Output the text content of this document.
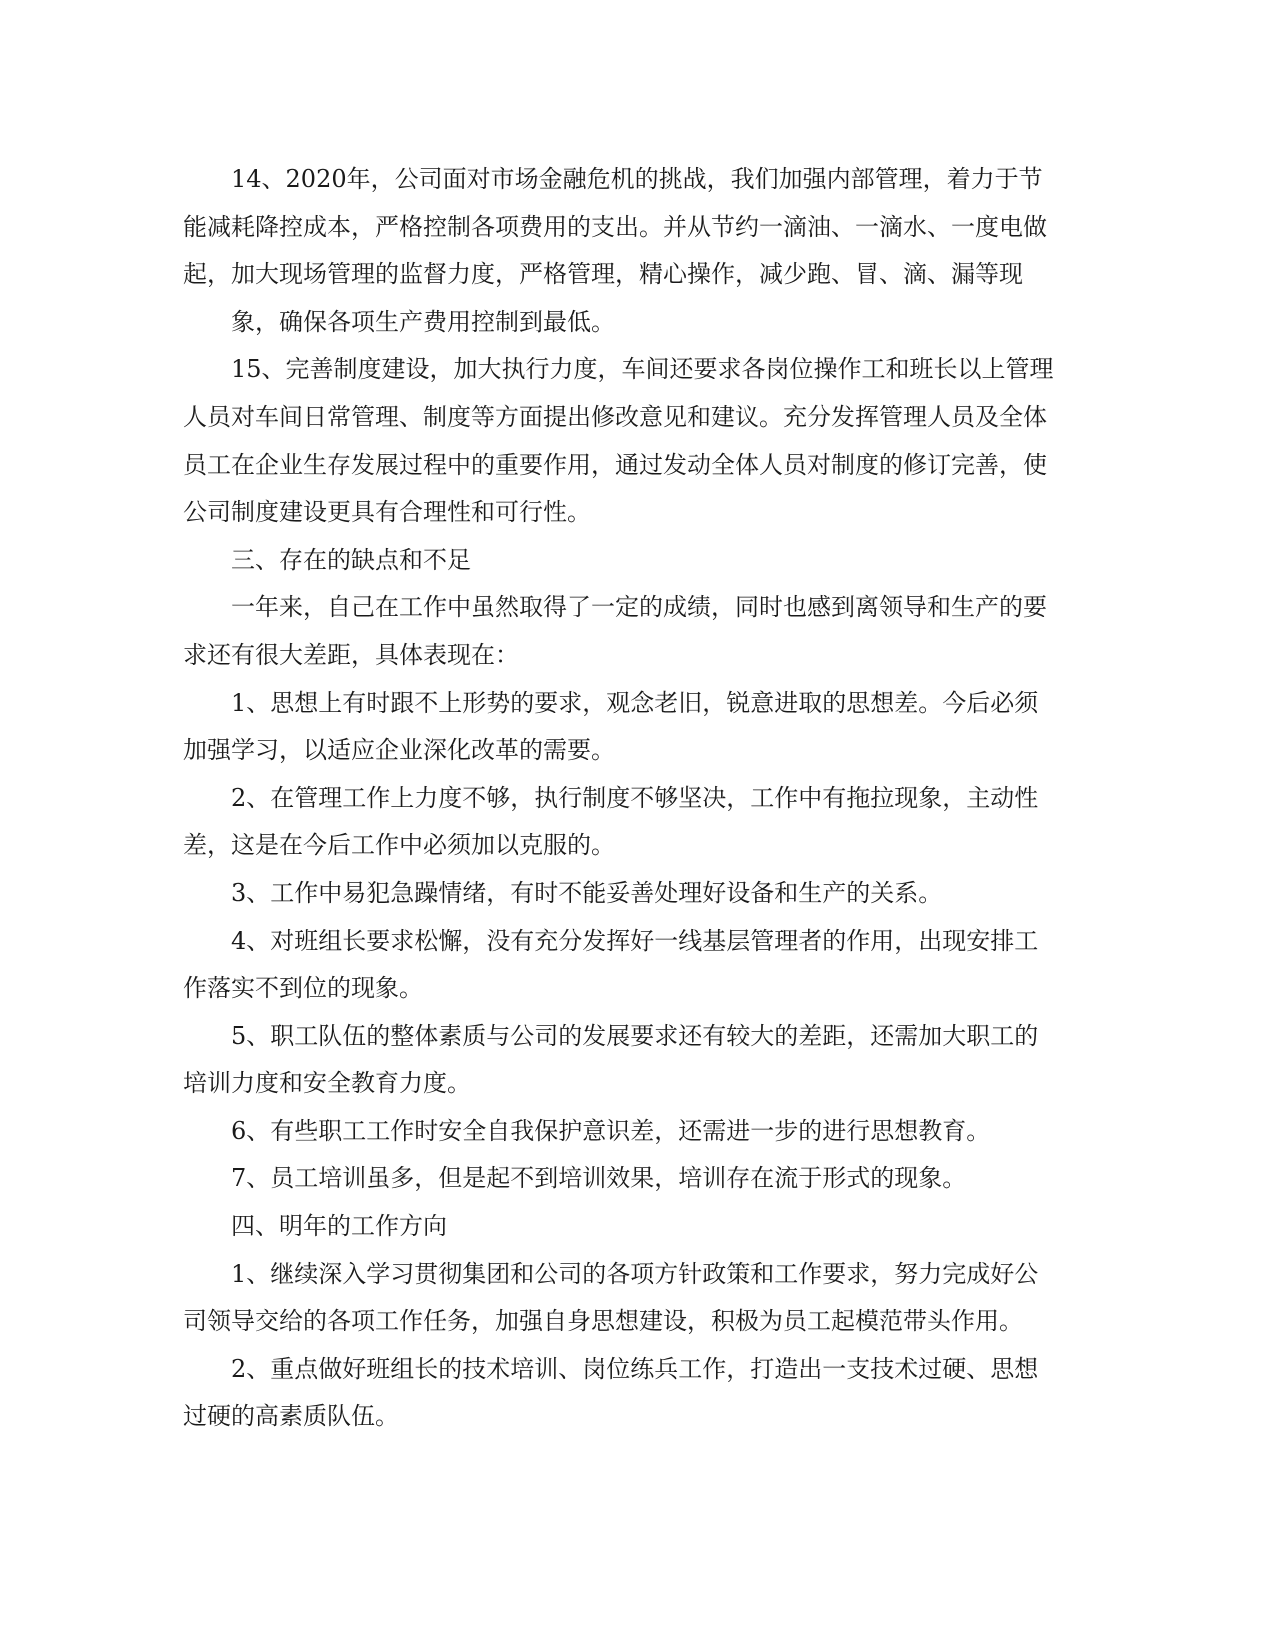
14、2020年，公司面对市场金融危机的挑战，我们加强内部管理，着力于节
能减耗降控成本，严格控制各项费用的支出。并从节约一滴油、一滴水、一度电做
起，加大现场管理的监督力度，严格管理，精心操作，减少跑、冒、滴、漏等现
象，确保各项生产费用控制到最低。
15、完善制度建设，加大执行力度，车间还要求各岗位操作工和班长以上管理
人员对车间日常管理、制度等方面提出修改意见和建议。充分发挥管理人员及全体
员工在企业生存发展过程中的重要作用，通过发动全体人员对制度的修订完善，使
公司制度建设更具有合理性和可行性。
三、存在的缺点和不足
一年来，自己在工作中虽然取得了一定的成绩，同时也感到离领导和生产的要
求还有很大差距，具体表现在：
1、思想上有时跟不上形势的要求，观念老旧，锐意进取的思想差。今后必须
加强学习，以适应企业深化改革的需要。
2、在管理工作上力度不够，执行制度不够坚决，工作中有拖拉现象，主动性
差，这是在今后工作中必须加以克服的。
3、工作中易犯急躁情绪，有时不能妥善处理好设备和生产的关系。
4、对班组长要求松懈，没有充分发挥好一线基层管理者的作用，出现安排工
作落实不到位的现象。
5、职工队伍的整体素质与公司的发展要求还有较大的差距，还需加大职工的
培训力度和安全教育力度。
6、有些职工工作时安全自我保护意识差，还需进一步的进行思想教育。
7、员工培训虽多，但是起不到培训效果，培训存在流于形式的现象。
四、明年的工作方向
1、继续深入学习贯彻集团和公司的各项方针政策和工作要求，努力完成好公
司领导交给的各项工作任务，加强自身思想建设，积极为员工起模范带头作用。
2、重点做好班组长的技术培训、岗位练兵工作，打造出一支技术过硬、思想
过硬的高素质队伍。
